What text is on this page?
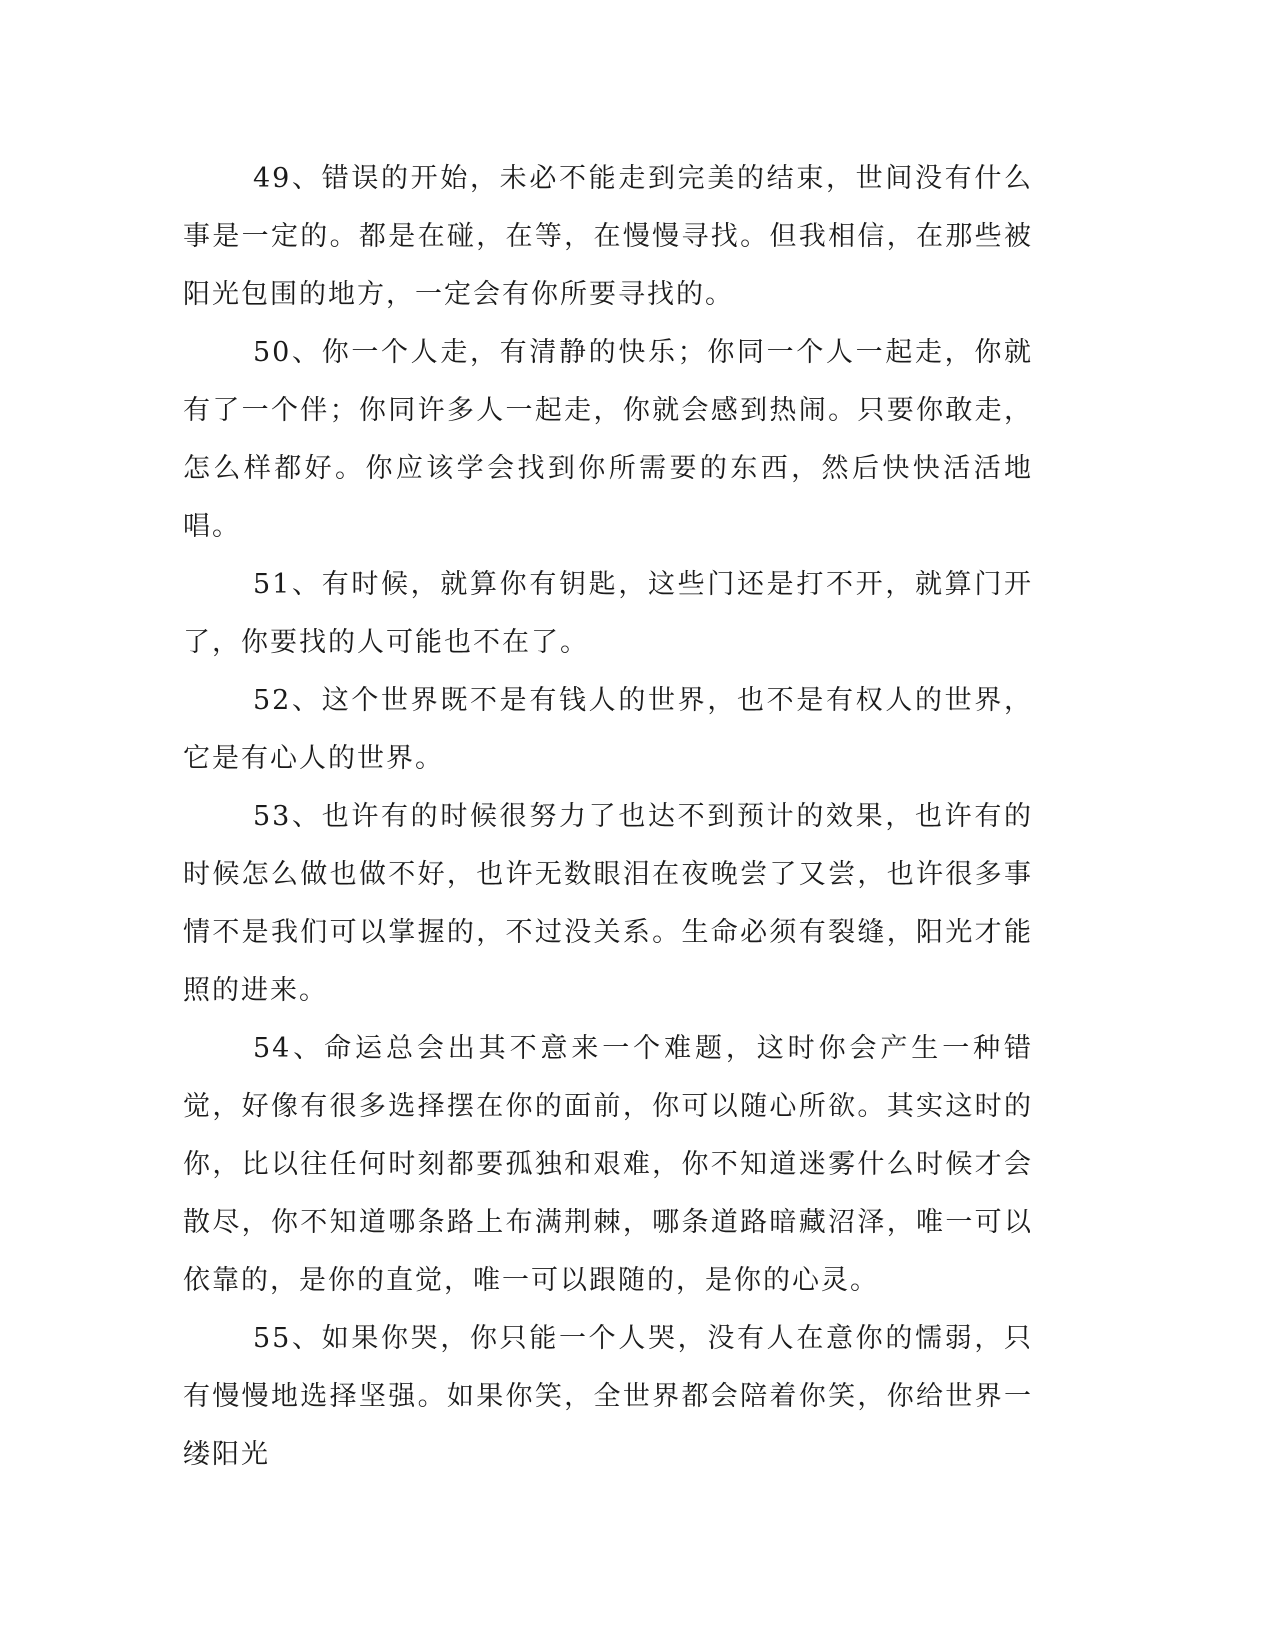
49、错误的开始，未必不能走到完美的结束，世间没有什么事是一定的。都是在碰，在等，在慢慢寻找。但我相信，在那些被阳光包围的地方，一定会有你所要寻找的。

50、你一个人走，有清静的快乐；你同一个人一起走，你就有了一个伴；你同许多人一起走，你就会感到热闹。只要你敢走，怎么样都好。你应该学会找到你所需要的东西，然后快快活活地唱。

51、有时候，就算你有钥匙，这些门还是打不开，就算门开了，你要找的人可能也不在了。

52、这个世界既不是有钱人的世界，也不是有权人的世界，它是有心人的世界。

53、也许有的时候很努力了也达不到预计的效果，也许有的时候怎么做也做不好，也许无数眼泪在夜晚尝了又尝，也许很多事情不是我们可以掌握的，不过没关系。生命必须有裂缝，阳光才能照的进来。

54、命运总会出其不意来一个难题，这时你会产生一种错觉，好像有很多选择摆在你的面前，你可以随心所欲。其实这时的你，比以往任何时刻都要孤独和艰难，你不知道迷雾什么时候才会散尽，你不知道哪条路上布满荆棘，哪条道路暗藏沼泽，唯一可以依靠的，是你的直觉，唯一可以跟随的，是你的心灵。

55、如果你哭，你只能一个人哭，没有人在意你的懦弱，只有慢慢地选择坚强。如果你笑，全世界都会陪着你笑，你给世界一缕阳光
